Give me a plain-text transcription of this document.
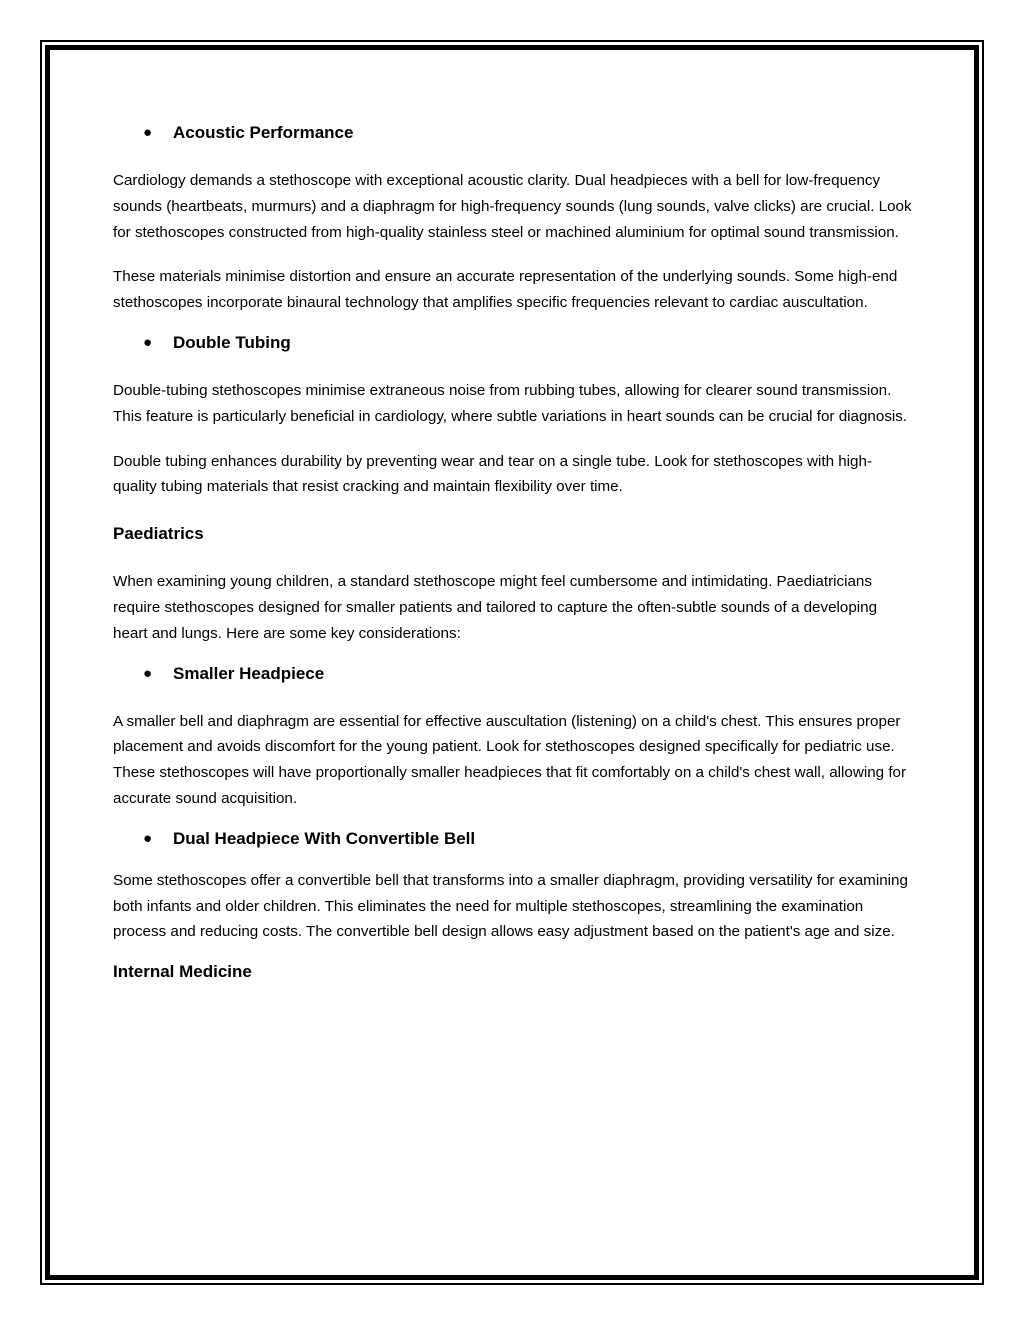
●	Acoustic Performance

Cardiology demands a stethoscope with exceptional acoustic clarity. Dual headpieces with a bell for low-frequency sounds (heartbeats, murmurs) and a diaphragm for high-frequency sounds (lung sounds, valve clicks) are crucial. Look for stethoscopes constructed from high-quality stainless steel or machined aluminium for optimal sound transmission.

These materials minimise distortion and ensure an accurate representation of the underlying sounds. Some high-end stethoscopes incorporate binaural technology that amplifies specific frequencies relevant to cardiac auscultation.

●	Double Tubing

Double-tubing stethoscopes minimise extraneous noise from rubbing tubes, allowing for clearer sound transmission. This feature is particularly beneficial in cardiology, where subtle variations in heart sounds can be crucial for diagnosis.

Double tubing enhances durability by preventing wear and tear on a single tube. Look for stethoscopes with high-quality tubing materials that resist cracking and maintain flexibility over time.

Paediatrics

When examining young children, a standard stethoscope might feel cumbersome and intimidating. Paediatricians require stethoscopes designed for smaller patients and tailored to capture the often-subtle sounds of a developing heart and lungs. Here are some key considerations:

●	Smaller Headpiece

A smaller bell and diaphragm are essential for effective auscultation (listening) on a child's chest. This ensures proper placement and avoids discomfort for the young patient. Look for stethoscopes designed specifically for pediatric use. These stethoscopes will have proportionally smaller headpieces that fit comfortably on a child's chest wall, allowing for accurate sound acquisition.

●	Dual Headpiece With Convertible Bell

Some stethoscopes offer a convertible bell that transforms into a smaller diaphragm, providing versatility for examining both infants and older children. This eliminates the need for multiple stethoscopes, streamlining the examination process and reducing costs. The convertible bell design allows easy adjustment based on the patient's age and size.

Internal Medicine
